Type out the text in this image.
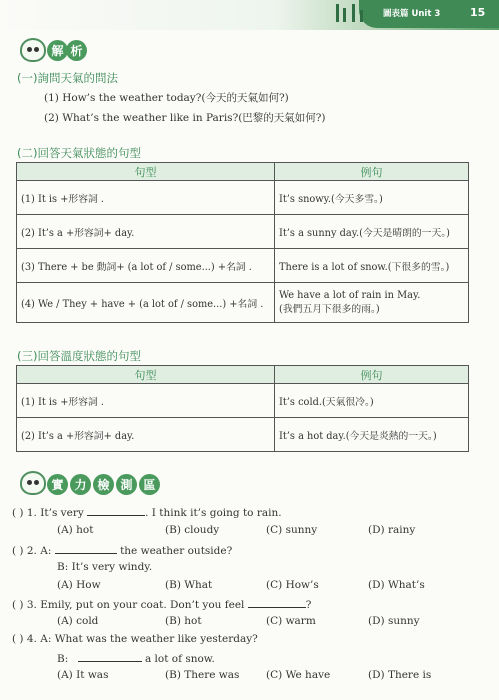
圖表篇 Unit 3	15
解 析
(一)詢問天氣的問法
(1) How’s the weather today?(今天的天氣如何?)
(2) What’s the weather like in Paris?(巴黎的天氣如何?)
(二)回答天氣狀態的句型
句型	例句
(1) It is +形容詞 .	It’s snowy.(今天多雪。)
(2) It’s a +形容詞+ day.	It’s a sunny day.(今天是晴朗的一天。)
(3) There + be 動詞+ (a lot of / some...) +名詞 .	There is a lot of snow.(下很多的雪。)
(4) We / They + have + (a lot of / some...) +名詞 .	We have a lot of rain in May.
(我們五月下很多的雨。)
(三)回答溫度狀態的句型
句型	例句
(1) It is +形容詞 .	It’s cold.(天氣很冷。)
(2) It’s a +形容詞+ day.	It’s a hot day.(今天是炎熱的一天。)
實 力 檢 測 區
( ) 1. It’s very	. I think it’s going to rain.
(A) hot	(B) cloudy	(C) sunny	(D) rainy
( ) 2. A:	the weather outside?
B: It’s very windy.
(A) How	(B) What	(C) How’s	(D) What’s
( ) 3. Emily, put on your coat. Don’t you feel	?
(A) cold	(B) hot	(C) warm	(D) sunny
( ) 4. A: What was the weather like yesterday?
B:	a lot of snow.
(A) It was	(B) There was	(C) We have	(D) There is
